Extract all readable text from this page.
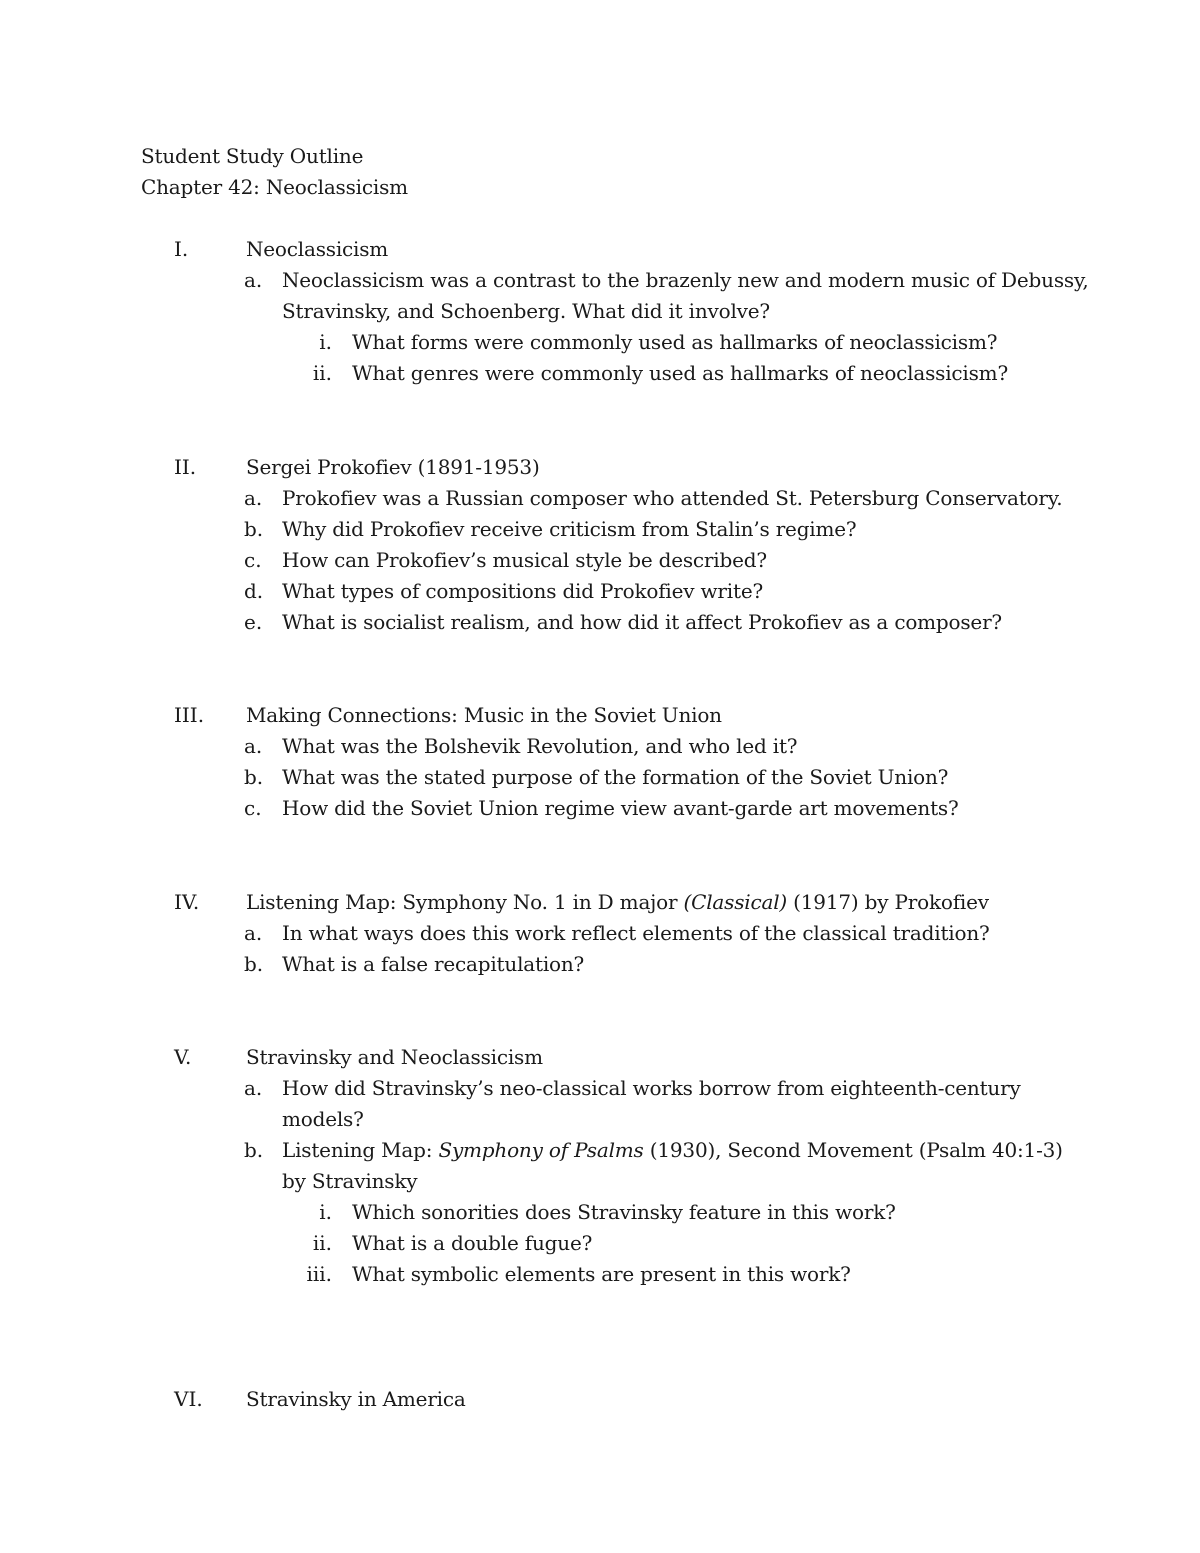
Student Study Outline
Chapter 42: Neoclassicism
I.	Neoclassicism
a. Neoclassicism was a contrast to the brazenly new and modern music of Debussy,
Stravinsky, and Schoenberg. What did it involve?
i. What forms were commonly used as hallmarks of neoclassicism?
ii. What genres were commonly used as hallmarks of neoclassicism?
II. Sergei Prokofiev (1891-1953)
a. Prokofiev was a Russian composer who attended St. Petersburg Conservatory.
b. Why did Prokofiev receive criticism from Stalin’s regime?
c. How can Prokofiev’s musical style be described?
d. What types of compositions did Prokofiev write?
e. What is socialist realism, and how did it affect Prokofiev as a composer?
III. Making Connections: Music in the Soviet Union
a. What was the Bolshevik Revolution, and who led it?
b. What was the stated purpose of the formation of the Soviet Union?
c. How did the Soviet Union regime view avant-garde art movements?
IV. Listening Map: Symphony No. 1 in D major (Classical) (1917) by Prokofiev
a. In what ways does this work reflect elements of the classical tradition?
b. What is a false recapitulation?
V.	Stravinsky and Neoclassicism
a. How did Stravinsky’s neo-classical works borrow from eighteenth-century
models?
b. Listening Map: Symphony of Psalms (1930), Second Movement (Psalm 40:1-3)
by Stravinsky
i. Which sonorities does Stravinsky feature in this work?
ii. What is a double fugue?
iii. What symbolic elements are present in this work?
VI. Stravinsky in America
